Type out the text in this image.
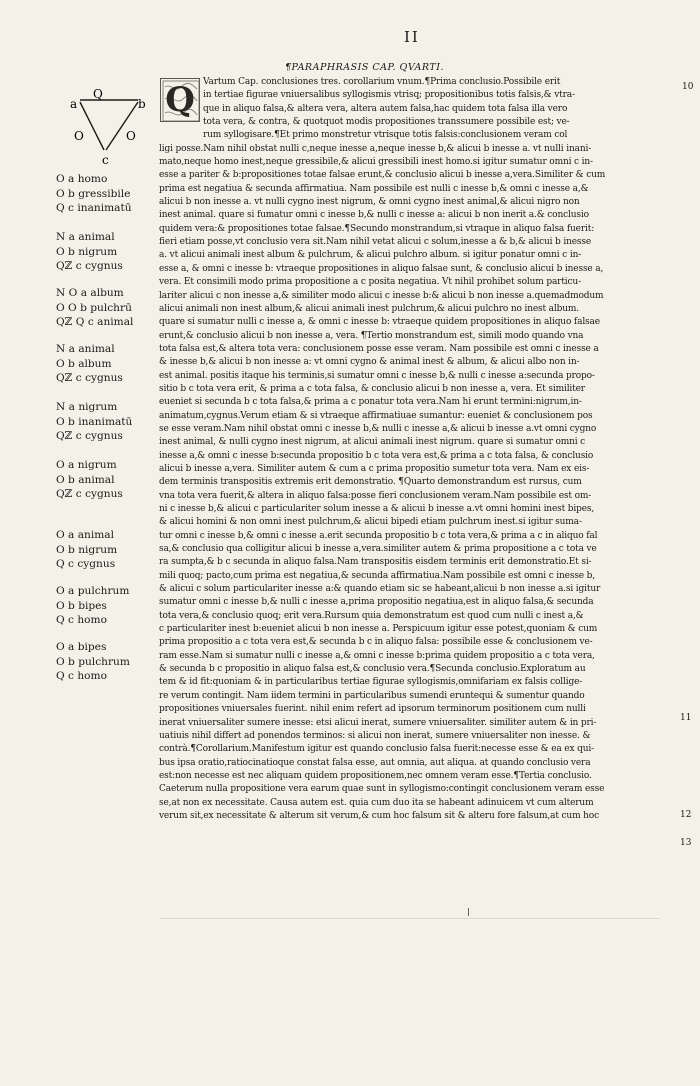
II
¶PARAPHRASIS CAP. QVARTI.
a
Q
b
O	O
c
O a homo
O b gressibile
Q c inanimatū
N a animal
O b nigrum
Qℤ c cygnus
N O a album
O O b pulchrū
Qℤ Q c animal
N a animal
O b album
Qℤ c cygnus
N a nigrum
O b inanimatū
Qℤ c cygnus
O a nigrum
O b animal
Qℤ c cygnus
O a animal
O b nigrum
Q c cygnus
O a pulchrum
O b bipes
Q c homo
O a bipes
O b pulchrum
Q c homo
Vartum Cap. conclusiones tres. corollarium vnum.¶Prima conclusio.Possibile erit
in tertiae figurae vniuersalibus syllogismis vtrisq; propositionibus totis falsis,& vtra-
que in aliquo falsa,& altera vera, altera autem falsa,hac quidem tota falsa illa vero
tota vera, & contra, & quotquot modis propositiones transsumere possibile est; ve-
rum syllogisare.¶Et primo monstretur vtrisque totis falsis:conclusionem veram col
ligi posse.Nam nihil obstat nulli c,neque inesse a,neque inesse b,& alicui b inesse a. vt nulli inani-
mato,neque homo inest,neque gressibile,& alicui gressibili inest homo.si igitur sumatur omni c in-
esse a pariter & b:propositiones totae falsae erunt,& conclusio alicui b inesse a,vera.Similiter & cum
prima est negatiua & secunda affirmatiua. Nam possibile est nulli c inesse b,& omni c inesse a,&
alicui b non inesse a. vt nulli cygno inest nigrum, & omni cygno inest animal,& alicui nigro non
inest animal. quare si fumatur omni c inesse b,& nulli c inesse a: alicui b non inerit a.& conclusio
quidem vera:& propositiones totae falsae.¶Secundo monstrandum,si vtraque in aliquo falsa fuerit:
fieri etiam posse,vt conclusio vera sit.Nam nihil vetat alicui c solum,inesse a & b,& alicui b inesse
a. vt alicui animali inest album & pulchrum, & alicui pulchro album. si igitur ponatur omni c in-
esse a, & omni c inesse b: vtraeque propositiones in aliquo falsae sunt, & conclusio alicui b inesse a,
vera. Et consimili modo prima propositione a c posita negatiua. Vt nihil prohibet solum particu-
lariter alicui c non inesse a,& similiter modo alicui c inesse b:& alicui b non inesse a.quemadmodum
alicui animali non inest album,& alicui animali inest pulchrum,& alicui pulchro no inest album.
quare si sumatur nulli c inesse a, & omni c inesse b: vtraeque quidem propositiones in aliquo falsae
erunt,& conclusio alicui b non inesse a, vera. ¶Tertio monstrandum est, simili modo quando vna
tota falsa est,& altera tota vera: conclusionem posse esse veram. Nam possibile est omni c inesse a
& inesse b,& alicui b non inesse a: vt omni cygno & animal inest & album, & alicui albo non in-
est animal. positis itaque his terminis,si sumatur omni c inesse b,& nulli c inesse a:secunda propo-
sitio b c tota vera erit, & prima a c tota falsa, & conclusio alicui b non inesse a, vera. Et similiter
eueniet si secunda b c tota falsa,& prima a c ponatur tota vera.Nam hi erunt termini:nigrum,in-
animatum,cygnus.Verum etiam & si vtraeque affirmatiuae sumantur: eueniet & conclusionem pos
se esse veram.Nam nihil obstat omni c inesse b,& nulli c inesse a,& alicui b inesse a.vt omni cygno
inest animal, & nulli cygno inest nigrum, at alicui animali inest nigrum. quare si sumatur omni c
inesse a,& omni c inesse b:secunda propositio b c tota vera est,& prima a c tota falsa, & conclusio
alicui b inesse a,vera. Similiter autem & cum a c prima propositio sumetur tota vera. Nam ex eis-
dem terminis transpositis extremis erit demonstratio. ¶Quarto demonstrandum est rursus, cum
vna tota vera fuerit,& altera in aliquo falsa:posse fieri conclusionem veram.Nam possibile est om-
ni c inesse b,& alicui c particulariter solum inesse a & alicui b inesse a.vt omni homini inest bipes,
& alicui homini & non omni inest pulchrum,& alicui bipedi etiam pulchrum inest.si igitur suma-
tur omni c inesse b,& omni c inesse a.erit secunda propositio b c tota vera,& prima a c in aliquo fal
sa,& conclusio qua colligitur alicui b inesse a,vera.similiter autem & prima propositione a c tota ve
ra sumpta,& b c secunda in aliquo falsa.Nam transpositis eisdem terminis erit demonstratio.Et si-
mili quoq; pacto,cum prima est negatiua,& secunda affirmatiua.Nam possibile est omni c inesse b,
& alicui c solum particulariter inesse a:& quando etiam sic se habeant,alicui b non inesse a.si igitur
sumatur omni c inesse b,& nulli c inesse a,prima propositio negatiua,est in aliquo falsa,& secunda
tota vera,& conclusio quoq; erit vera.Rursum quia demonstratum est quod cum nulli c inest a,&
c particulariter inest b:eueniet alicui b non inesse a. Perspicuum igitur esse potest,quoniam & cum
prima propositio a c tota vera est,& secunda b c in aliquo falsa: possibile esse & conclusionem ve-
ram esse.Nam si sumatur nulli c inesse a,& omni c inesse b:prima quidem propositio a c tota vera,
& secunda b c propositio in aliquo falsa est,& conclusio vera.¶Secunda conclusio.Exploratum au
tem & id fit:quoniam & in particularibus tertiae figurae syllogismis,omnifariam ex falsis collige-
re verum contingit. Nam iidem termini in particularibus sumendi eruntequi & sumentur quando
propositiones vniuersales fuerint. nihil enim refert ad ipsorum terminorum positionem cum nulli
inerat vniuersaliter sumere inesse: etsi alicui inerat, sumere vniuersaliter. similiter autem & in pri-
uatiuis nihil differt ad ponendos terminos: si alicui non inerat, sumere vniuersaliter non inesse. &
contrà.¶Corollarium.Manifestum igitur est quando conclusio falsa fuerit:necesse esse & ea ex qui-
bus ipsa oratio,ratiocinatioque constat falsa esse, aut omnia, aut aliqua. at quando conclusio vera
est:non necesse est nec aliquam quidem propositionem,nec omnem veram esse.¶Tertia conclusio.
Caeterum nulla propositione vera earum quae sunt in syllogismo:contingit conclusionem veram esse
se,at non ex necessitate. Causa autem est. quia cum duo ita se habeant adinuicem vt cum alterum
verum sit,ex necessitate & alterum sit verum,& cum hoc falsum sit & alteru fore falsum,at cum hoc
Q	10
11
12
13
